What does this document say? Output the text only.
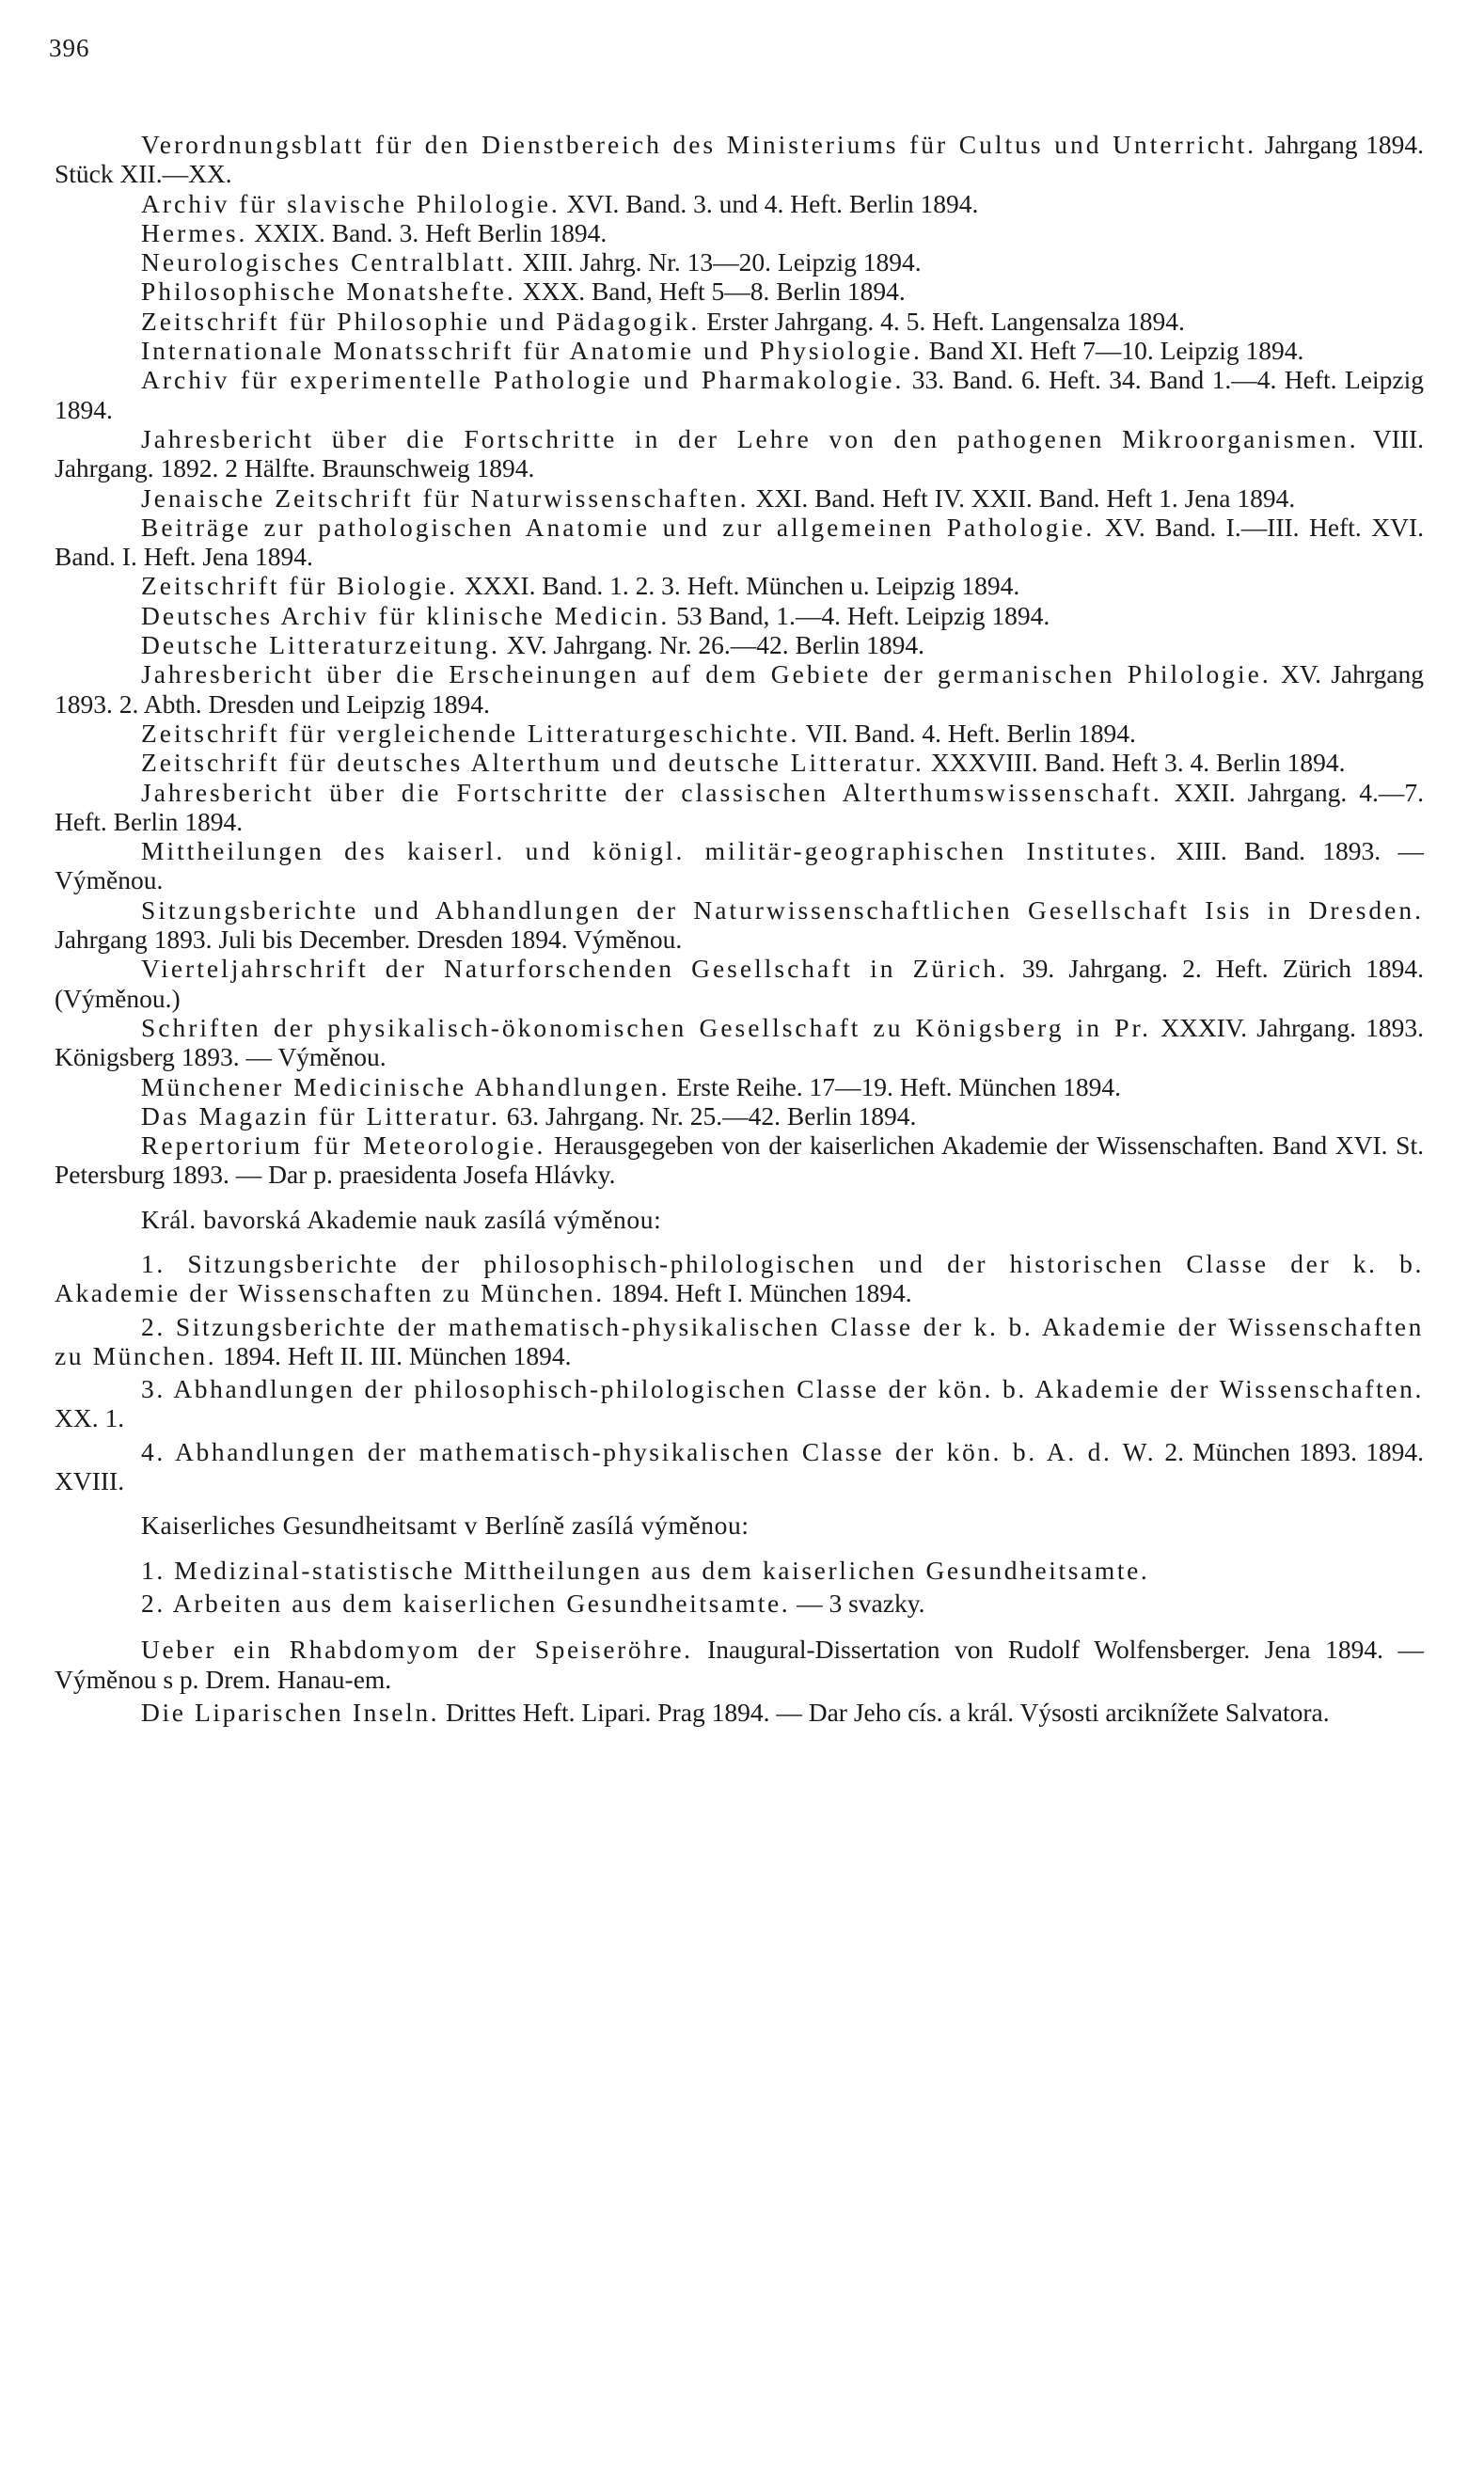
396

Verordnungsblatt für den Dienstbereich des Ministeriums für Cultus und Unterricht. Jahrgang 1894. Stück XII.—XX.

Archiv für slavische Philologie. XVI. Band. 3. und 4. Heft. Berlin 1894.

Hermes. XXIX. Band. 3. Heft Berlin 1894.

Neurologisches Centralblatt. XIII. Jahrg. Nr. 13—20. Leipzig 1894.

Philosophische Monatshefte. XXX. Band, Heft 5—8. Berlin 1894.

Zeitschrift für Philosophie und Pädagogik. Erster Jahrgang. 4. 5. Heft. Langensalza 1894.

Internationale Monatsschrift für Anatomie und Physiologie. Band XI. Heft 7—10. Leipzig 1894.

Archiv für experimentelle Pathologie und Pharmakologie. 33. Band. 6. Heft. 34. Band 1.—4. Heft. Leipzig 1894.

Jahresbericht über die Fortschritte in der Lehre von den pathogenen Mikroorganismen. VIII. Jahrgang. 1892. 2 Hälfte. Braunschweig 1894.

Jenaische Zeitschrift für Naturwissenschaften. XXI. Band. Heft IV. XXII. Band. Heft 1. Jena 1894.

Beiträge zur pathologischen Anatomie und zur allgemeinen Pathologie. XV. Band. I.—III. Heft. XVI. Band. I. Heft. Jena 1894.

Zeitschrift für Biologie. XXXI. Band. 1. 2. 3. Heft. München u. Leipzig 1894.

Deutsches Archiv für klinische Medicin. 53 Band, 1.—4. Heft. Leipzig 1894.

Deutsche Litteraturzeitung. XV. Jahrgang. Nr. 26.—42. Berlin 1894.

Jahresbericht über die Erscheinungen auf dem Gebiete der germanischen Philologie. XV. Jahrgang 1893. 2. Abth. Dresden und Leipzig 1894.

Zeitschrift für vergleichende Litteraturgeschichte. VII. Band. 4. Heft. Berlin 1894.

Zeitschrift für deutsches Alterthum und deutsche Litteratur. XXXVIII. Band. Heft 3. 4. Berlin 1894.

Jahresbericht über die Fortschritte der classischen Alterthumswissenschaft. XXII. Jahrgang. 4.—7. Heft. Berlin 1894.

Mittheilungen des kaiserl. und königl. militär-geographischen Institutes. XIII. Band. 1893. — Výměnou.

Sitzungsberichte und Abhandlungen der Naturwissenschaftlichen Gesellschaft Isis in Dresden. Jahrgang 1893. Juli bis December. Dresden 1894. Výměnou.

Vierteljahrschrift der Naturforschenden Gesellschaft in Zürich. 39. Jahrgang. 2. Heft. Zürich 1894. (Výměnou.)

Schriften der physikalisch-ökonomischen Gesellschaft zu Königsberg in Pr. XXXIV. Jahrgang. 1893. Königsberg 1893. — Výměnou.

Münchener Medicinische Abhandlungen. Erste Reihe. 17—19. Heft. München 1894.

Das Magazin für Litteratur. 63. Jahrgang. Nr. 25.—42. Berlin 1894.

Repertorium für Meteorologie. Herausgegeben von der kaiserlichen Akademie der Wissenschaften. Band XVI. St. Petersburg 1893. — Dar p. praesidenta Josefa Hlávky.

Král. bavorská Akademie nauk zasílá výměnou:

1. Sitzungsberichte der philosophisch-philologischen und der historischen Classe der k. b. Akademie der Wissenschaften zu München. 1894. Heft I. München 1894.

2. Sitzungsberichte der mathematisch-physikalischen Classe der k. b. Akademie der Wissenschaften zu München. 1894. Heft II. III. München 1894.

3. Abhandlungen der philosophisch-philologischen Classe der kön. b. Akademie der Wissenschaften. XX. 1.

4. Abhandlungen der mathematisch-physikalischen Classe der kön. b. A. d. W. 2. München 1893. 1894. XVIII.

Kaiserliches Gesundheitsamt v Berlíně zasílá výměnou:

1. Medizinal-statistische Mittheilungen aus dem kaiserlichen Gesundheitsamte.

2. Arbeiten aus dem kaiserlichen Gesundheitsamte. — 3 svazky.

Ueber ein Rhabdomyom der Speiseröhre. Inaugural-Dissertation von Rudolf Wolfensberger. Jena 1894. — Výměnou s p. Drem. Hanau-em.

Die Liparischen Inseln. Drittes Heft. Lipari. Prag 1894. — Dar Jeho cís. a král. Výsosti arciknížete Salvatora.
